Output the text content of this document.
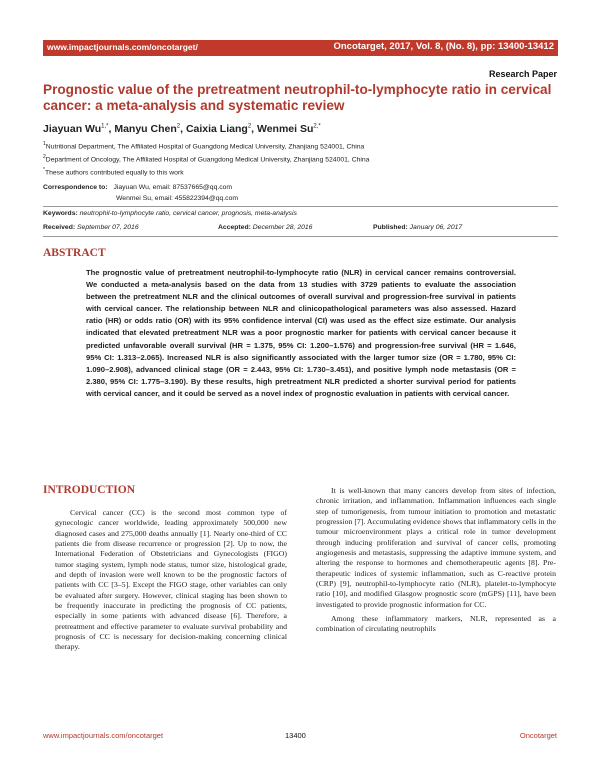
www.impactjournals.com/oncotarget/	Oncotarget, 2017, Vol. 8, (No. 8), pp: 13400-13412
Research Paper
Prognostic value of the pretreatment neutrophil-to-lymphocyte ratio in cervical cancer: a meta-analysis and systematic review
Jiayuan $Wu^{1,*}$, Manyu Chen$^2$, Caixia Liang$^2$, Wenmei $Su^{2,*}$
$^1$Nutritional Department, The Affiliated Hospital of Guangdong Medical University, Zhanjiang 524001, China
$^2$Department of Oncology, The Affiliated Hospital of Guangdong Medical University, Zhanjiang 524001, China
*These authors contributed equally to this work
Correspondence to: Jiayuan Wu, email: 87537665@qq.com
Wenmei Su, email: 455822394@qq.com
Keywords: neutrophil-to-lymphocyte ratio, cervical cancer, prognosis, meta-analysis
Received: September 07, 2016	Accepted: December 28, 2016	Published: January 06, 2017
ABSTRACT
The prognostic value of pretreatment neutrophil-to-lymphocyte ratio (NLR) in cervical cancer remains controversial. We conducted a meta-analysis based on the data from 13 studies with 3729 patients to evaluate the association between the pretreatment NLR and the clinical outcomes of overall survival and progression-free survival in patients with cervical cancer. The relationship between NLR and clinicopathological parameters was also assessed. Hazard ratio (HR) or odds ratio (OR) with its 95% confidence interval (CI) was used as the effect size estimate. Our analysis indicated that elevated pretreatment NLR was a poor prognostic marker for patients with cervical cancer because it predicted unfavorable overall survival (HR = 1.375, 95% CI: 1.200–1.576) and progression-free survival (HR = 1.646, 95% CI: 1.313–2.065). Increased NLR is also significantly associated with the larger tumor size (OR = 1.780, 95% CI: 1.090–2.908), advanced clinical stage (OR = 2.443, 95% CI: 1.730–3.451), and positive lymph node metastasis (OR = 2.380, 95% CI: 1.775–3.190). By these results, high pretreatment NLR predicted a shorter survival period for patients with cervical cancer, and it could be served as a novel index of prognostic evaluation in patients with cervical cancer.
INTRODUCTION

Cervical cancer (CC) is the second most common type of gynecologic cancer worldwide, leading approximately 500,000 new diagnosed cases and 275,000 deaths annually [1]. Nearly one-third of CC patients die from disease recurrence or progression [2]. Up to now, the International Federation of Obstetricians and Gynecologists (FIGO) tumor staging system, lymph node status, tumor size, histological grade, and depth of invasion were well known to be the prognostic factors of patients with CC [3–5]. Except the FIGO stage, other variables can only be evaluated after surgery. However, clinical staging has been shown to be frequently inaccurate in predicting the prognosis of CC patients, especially in some patients with advanced disease [6]. Therefore, a pretreatment and effective parameter to evaluate survival probability and prognosis of CC is necessary for decision-making concerning clinical therapy.

It is well-known that many cancers develop from sites of infection, chronic irritation, and inflammation. Inflammation influences each single step of tumorigenesis, from tumour initiation to promotion and metastatic progression [7]. Accumulating evidence shows that inflammatory cells in the tumour microenvironment plays a critical role in tumor development through inducing proliferation and survival of cancer cells, promoting angiogenesis and metastasis, suppressing the adaptive immune system, and altering the response to hormones and chemotherapeutic agents [8]. Pre-therapeutic indices of systemic inflammation, such as C-reactive protein (CRP) [9], neutrophil-to-lymphocyte ratio (NLR), platelet-to-lymphocyte ratio [10], and modified Glasgow prognostic score (mGPS) [11], have been investigated to provide prognostic information for CC.

Among these inflammatory markers, NLR, represented as a combination of circulating neutrophils

www.impactjournals.com/oncotarget	13400	Oncotarget
